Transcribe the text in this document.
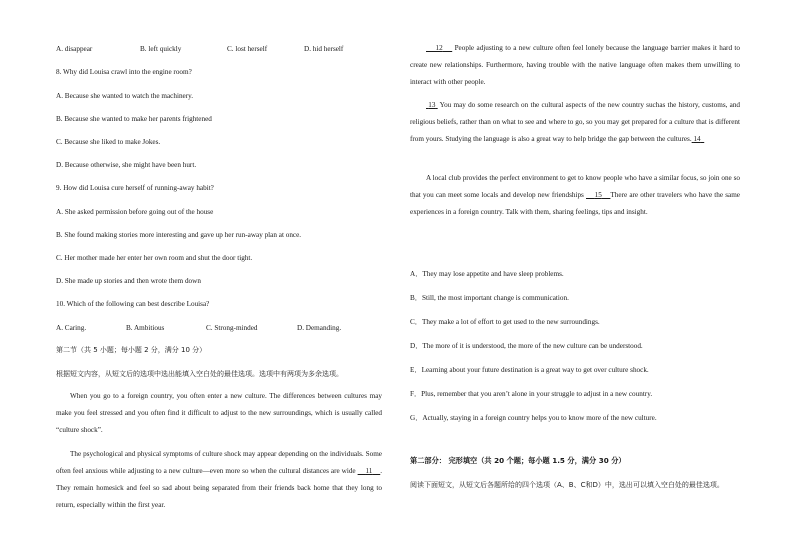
A. disappear	B. left quickly	C. lost herself	D. hid herself
8. Why did Louisa crawl into the engine room?
A. Because she wanted to watch the machinery.
B. Because she wanted to make her parents frightened
C. Because she liked to make Jokes.
D. Because otherwise, she might have been hurt.
9. How did Louisa cure herself of running-away habit?
A. She asked permission before going out of the house
B. She found making stories more interesting and gave up her run-away plan at once.
C. Her mother made her enter her own room and shut the door tight.
D. She made up stories and then wrote them down
10. Which of the following can best describe Louisa?
A. Caring.	B. Ambitious	C. Strong-minded	D. Demanding.
第二节（共 5 小题；每小题 2 分，满分 10 分）
根据短文内容，从短文后的选项中选出能填入空白处的最佳选项。选项中有两项为多余选项。

When you go to a foreign country, you often enter a new culture. The differences between cultures may make you feel stressed and you often find it difficult to adjust to the new surroundings, which is usually called “culture shock”.

The psychological and physical symptoms of culture shock may appear depending on the individuals. Some often feel anxious while adjusting to a new culture—even more so when the cultural distances are wide 11 . They remain homesick and feel so sad about being separated from their friends back home that they long to return, especially within the first year.

12 People adjusting to a new culture often feel lonely because the language barrier makes it hard to create new relationships. Furthermore, having trouble with the native language often makes them unwilling to interact with other people.

13 You may do some research on the cultural aspects of the new country suchas the history, customs, and religious beliefs, rather than on what to see and where to go, so you may get prepared for a culture that is different from yours. Studying the language is also a great way to help bridge the gap between the cultures. 14

A local club provides the perfect environment to get to know people who have a similar focus, so join one so that you can meet some locals and develop new friendships 15 There are other travelers who have the same experiences in a foreign country. Talk with them, sharing feelings, tips and insight.

A．They may lose appetite and have sleep problems.
B．Still, the most important change is communication.
C．They make a lot of effort to get used to the new surroundings.
D．The more of it is understood, the more of the new culture can be understood.
E．Learning about your future destination is a great way to get over culture shock.
F．Plus, remember that you aren’t alone in your struggle to adjust in a new country.
G．Actually, staying in a foreign country helps you to know more of the new culture.
第二部分： 完形填空（共 20 个题；每小题 1.5 分，满分 30 分）
阅读下面短文，从短文后各题所给的四个选项（A、B、C和D）中，选出可以填入空白处的最佳选项。
